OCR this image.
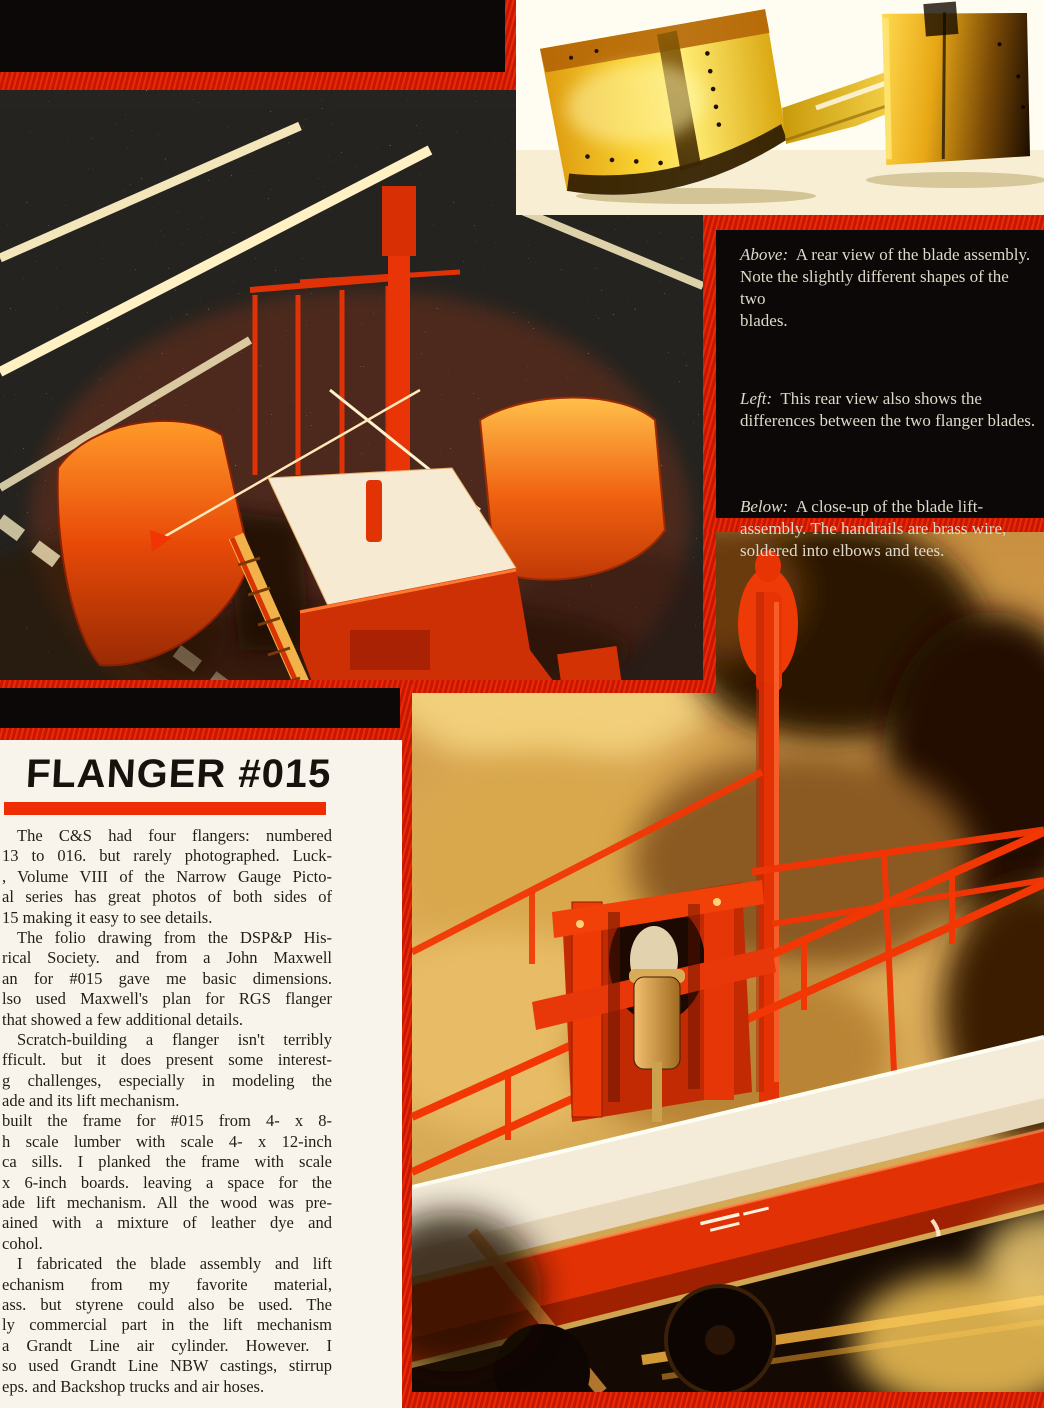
Above: A rear view of the blade assembly.
Note the slightly different shapes of the two
blades.
Left: This rear view also shows the
differences between the two flanger blades.
Below: A close-up of the blade lift-
assembly. The handrails are brass wire,
soldered into elbows and tees.
FLANGER #015
The C&S had four flangers: numbered
13 to 016. but rarely photographed. Luck-
, Volume VIII of the Narrow Gauge Picto-
al series has great photos of both sides of
15 making it easy to see details.
The folio drawing from the DSP&P His-
rical Society. and from a John Maxwell
an for #015 gave me basic dimensions.
lso used Maxwell's plan for RGS flanger
that showed a few additional details.
Scratch-building a flanger isn't terribly
fficult. but it does present some interest-
g challenges, especially in modeling the
ade and its lift mechanism.
built the frame for #015 from 4- x 8-
h scale lumber with scale 4- x 12-inch
ca sills. I planked the frame with scale
x 6-inch boards. leaving a space for the
ade lift mechanism. All the wood was pre-
ained with a mixture of leather dye and
cohol.
I fabricated the blade assembly and lift
echanism from my favorite material,
ass. but styrene could also be used. The
ly commercial part in the lift mechanism
a Grandt Line air cylinder. However. I
so used Grandt Line NBW castings, stirrup
eps. and Backshop trucks and air hoses.
